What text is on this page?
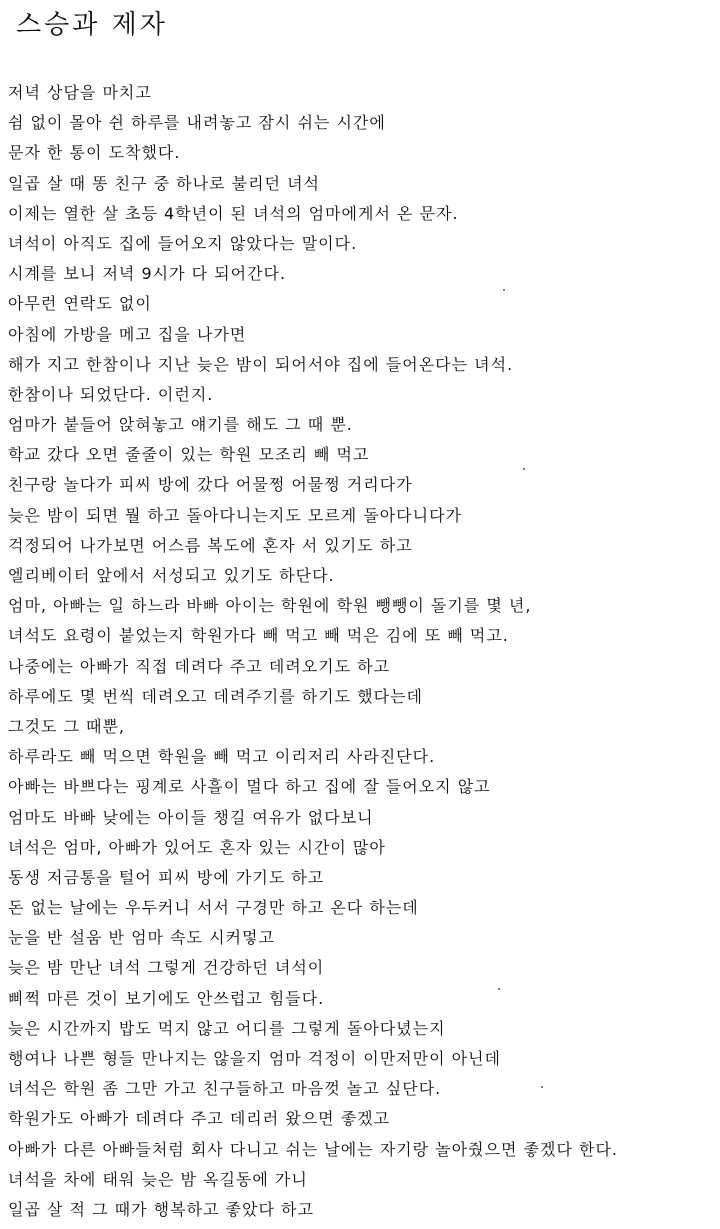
스승과 제자
저녁 상담을 마치고
쉼 없이 몰아 쉰 하루를 내려놓고 잠시 쉬는 시간에
문자 한 통이 도착했다.
일곱 살 때 똥 친구 중 하나로 불리던 녀석
이제는 열한 살 초등 4학년이 된 녀석의 엄마에게서 온 문자.
녀석이 아직도 집에 들어오지 않았다는 말이다.
시계를 보니 저녁 9시가 다 되어간다.
아무런 연락도 없이
아침에 가방을 메고 집을 나가면
해가 지고 한참이나 지난 늦은 밤이 되어서야 집에 들어온다는 녀석.
한참이나 되었단다. 이런지.
엄마가 붙들어 앉혀놓고 얘기를 해도 그 때 뿐.
학교 갔다 오면 줄줄이 있는 학원 모조리 빼 먹고
친구랑 놀다가 피씨 방에 갔다 어물쩡 어물쩡 거리다가
늦은 밤이 되면 뭘 하고 돌아다니는지도 모르게 돌아다니다가
걱정되어 나가보면 어스름 복도에 혼자 서 있기도 하고
엘리베이터 앞에서 서성되고 있기도 하단다.
엄마, 아빠는 일 하느라 바빠 아이는 학원에 학원 뺑뺑이 돌기를 몇 년,
녀석도 요령이 붙었는지 학원가다 빼 먹고 빼 먹은 김에 또 빼 먹고.
나중에는 아빠가 직접 데려다 주고 데려오기도 하고
하루에도 몇 번씩 데려오고 데려주기를 하기도 했다는데
그것도 그 때뿐,
하루라도 빼 먹으면 학원을 빼 먹고 이리저리 사라진단다.
아빠는 바쁘다는 핑계로 사흘이 멀다 하고 집에 잘 들어오지 않고
엄마도 바빠 낮에는 아이들 챙길 여유가 없다보니
녀석은 엄마, 아빠가 있어도 혼자 있는 시간이 많아
동생 저금통을 털어 피씨 방에 가기도 하고
돈 없는 날에는 우두커니 서서 구경만 하고 온다 하는데
눈을 반 설움 반 엄마 속도 시커멓고
늦은 밤 만난 녀석 그렇게 건강하던 녀석이
삐쩍 마른 것이 보기에도 안쓰럽고 힘들다.
늦은 시간까지 밥도 먹지 않고 어디를 그렇게 돌아다녔는지
행여나 나쁜 형들 만나지는 않을지 엄마 걱정이 이만저만이 아닌데
녀석은 학원 좀 그만 가고 친구들하고 마음껏 놀고 싶단다.
학원가도 아빠가 데려다 주고 데리러 왔으면 좋겠고
아빠가 다른 아빠들처럼 회사 다니고 쉬는 날에는 자기랑 놀아줬으면 좋겠다 한다.
녀석을 차에 태워 늦은 밤 옥길동에 가니
일곱 살 적 그 때가 행복하고 좋았다 하고
